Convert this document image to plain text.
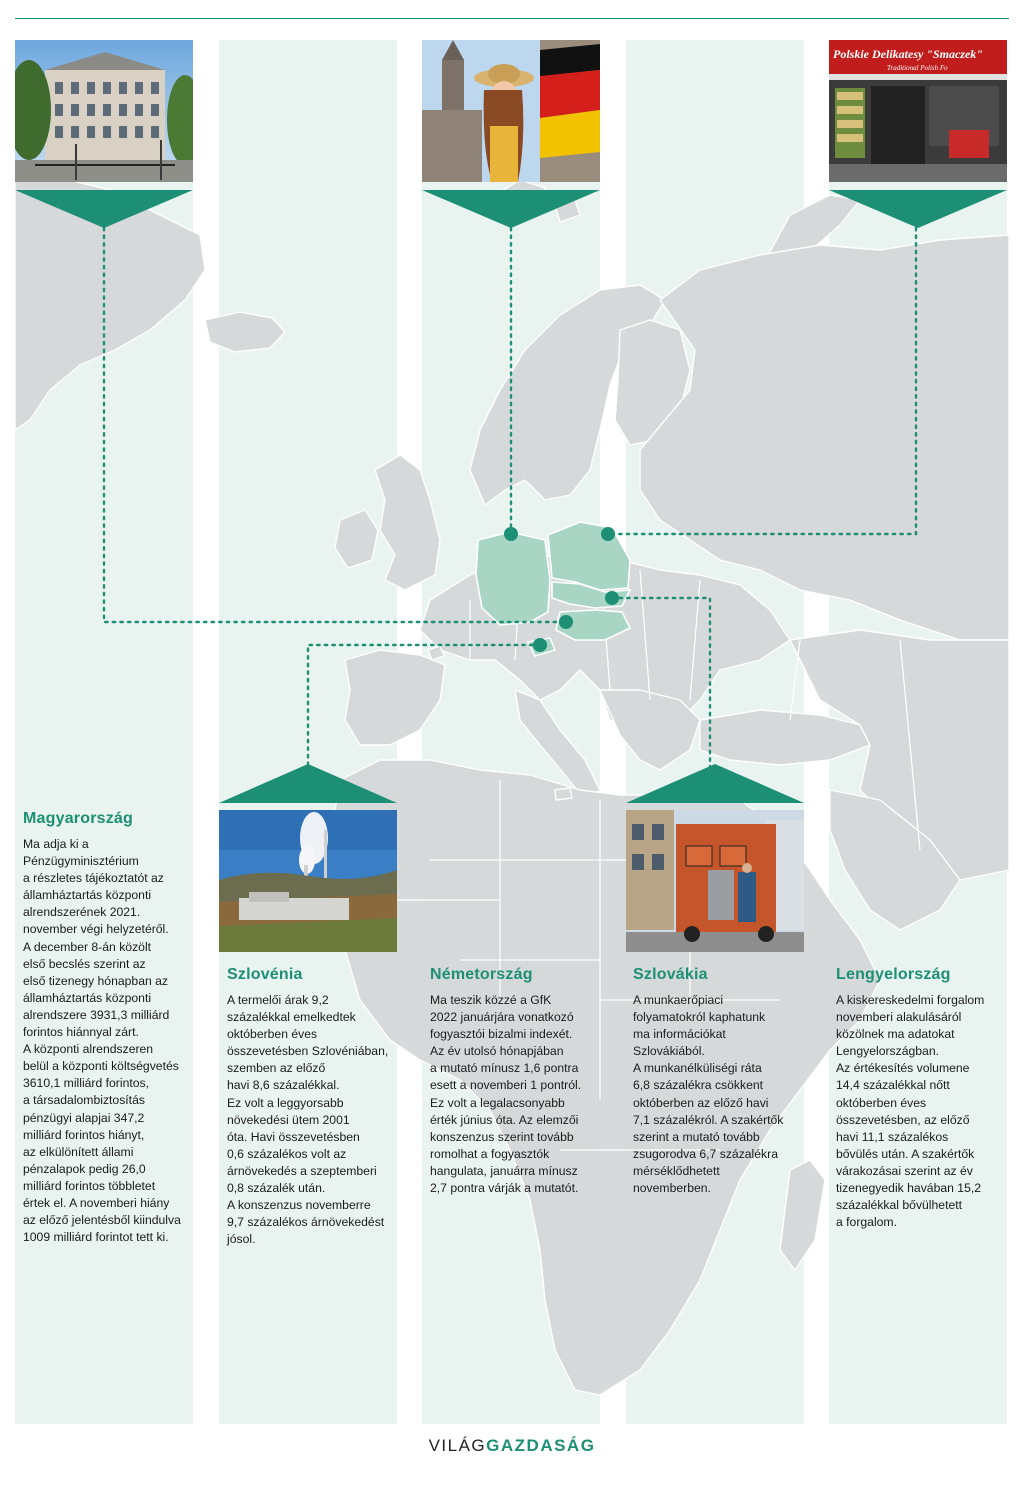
Polskie Delikatesy "Smaczek"
Traditional Polish Fo
Magyarország

Ma adja ki a
Pénzügyminisztérium
a részletes tájékoztatót az
államháztartás központi
alrendszerének 2021.
november végi helyzetéről.
A december 8-án közölt
első becslés szerint az
első tizenegy hónapban az
államháztartás központi
alrendszere 3931,3 milliárd
forintos hiánnyal zárt.
A központi alrendszeren
belül a központi költségvetés
3610,1 milliárd forintos,
a társadalombiztosítás
pénzügyi alapjai 347,2
milliárd forintos hiányt,
az elkülönített állami
pénzalapok pedig 26,0
milliárd forintos többletet
értek el. A novemberi hiány
az előző jelentésből kiindulva
1009 milliárd forintot tett ki.

Szlovénia

A termelői árak 9,2
százalékkal emelkedtek
októberben éves
összevetésben Szlovéniában,
szemben az előző
havi 8,6 százalékkal.
Ez volt a leggyorsabb
növekedési ütem 2001
óta. Havi összevetésben
0,6 százalékos volt az
árnövekedés a szeptemberi
0,8 százalék után.
A konszenzus novemberre
9,7 százalékos árnövekedést
jósol.

Németország

Ma teszik közzé a GfK
2022 januárjára vonatkozó
fogyasztói bizalmi indexét.
Az év utolsó hónapjában
a mutató mínusz 1,6 pontra
esett a novemberi 1 pontról.
Ez volt a legalacsonyabb
érték június óta. Az elemzői
konszenzus szerint tovább
romolhat a fogyasztók
hangulata, januárra mínusz
2,7 pontra várják a mutatót.

Szlovákia

A munkaerőpiaci
folyamatokról kaphatunk
ma információkat
Szlovákiából.
A munkanélküliségi ráta
6,8 százalékra csökkent
októberben az előző havi
7,1 százalékról. A szakértők
szerint a mutató tovább
zsugorodva 6,7 százalékra
mérséklődhetett
novemberben.

Lengyelország

A kiskereskedelmi forgalom
novemberi alakulásáról
közölnek ma adatokat
Lengyelországban.
Az értékesítés volumene
14,4 százalékkal nőtt
októberben éves
összevetésben, az előző
havi 11,1 százalékos
bővülés után. A szakértők
várakozásai szerint az év
tizenegyedik havában 15,2
százalékkal bővülhetett
a forgalom.

VILÁGGAZDASÁG
